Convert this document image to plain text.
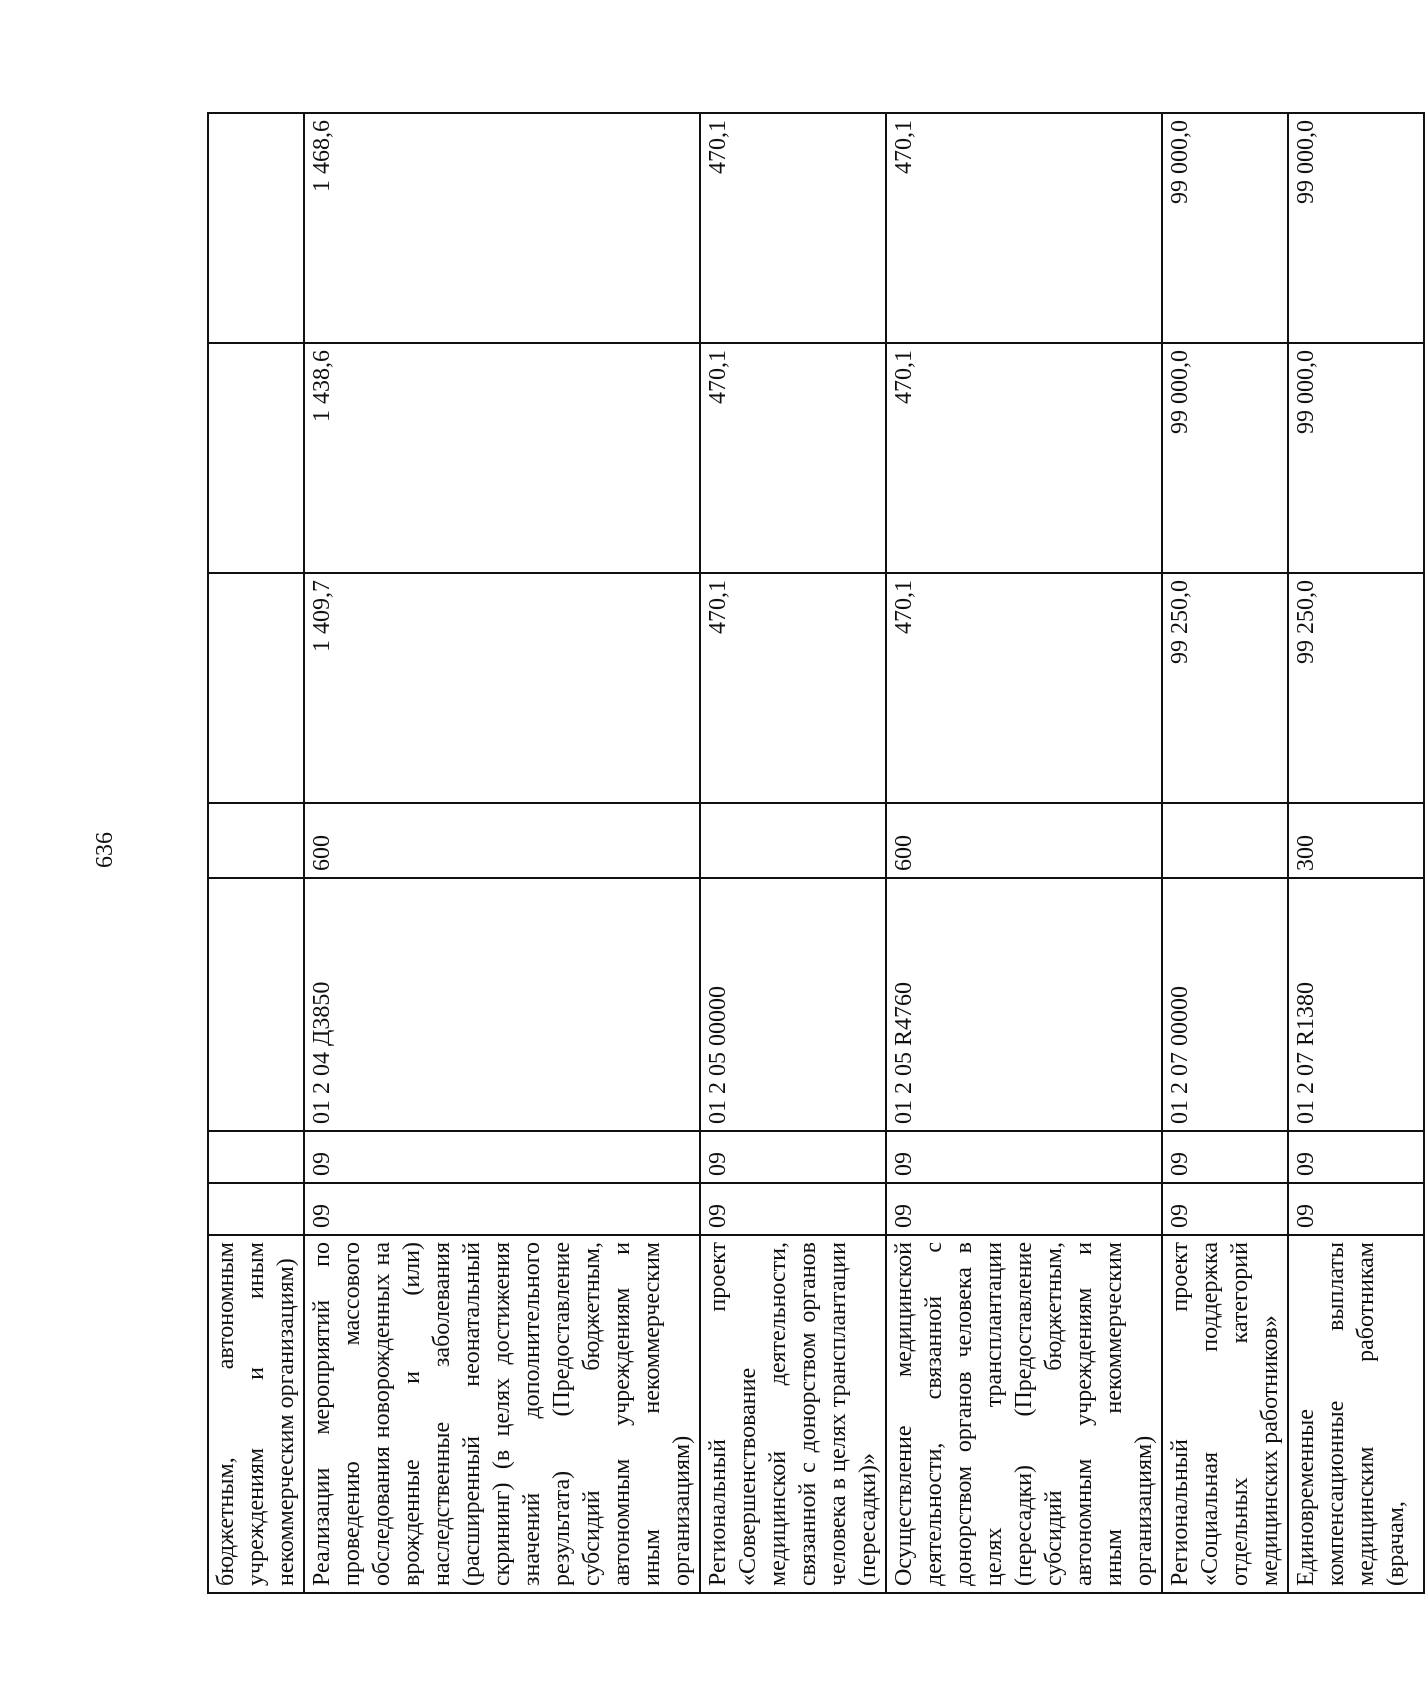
636
бюджетным, автономным учреждениям и иным некоммерческим организациям)							
Реализации мероприятий по проведению массового обследования новорожденных на врожденные и (или) наследственные заболевания (расширенный неонатальный скрининг) (в целях достижения значений дополнительного результата) (Предоставление субсидий бюджетным, автономным учреждениям и иным некоммерческим организациям)	09	09	01 2 04 Д3850	600	1 409,7	1 438,6	1 468,6
Региональный проект «Совершенствование медицинской деятельности, связанной с донорством органов человека в целях трансплантации (пересадки)»	09	09	01 2 05 00000		470,1	470,1	470,1
Осуществление медицинской деятельности, связанной с донорством органов человека в целях трансплантации (пересадки) (Предоставление субсидий бюджетным, автономным учреждениям и иным некоммерческим организациям)	09	09	01 2 05 R4760	600	470,1	470,1	470,1
Региональный проект «Социальная поддержка отдельных категорий медицинских работников»	09	09	01 2 07 00000		99 250,0	99 000,0	99 000,0
Единовременные компенсационные выплаты медицинским работникам (врачам,	09	09	01 2 07 R1380	300	99 250,0	99 000,0	99 000,0
